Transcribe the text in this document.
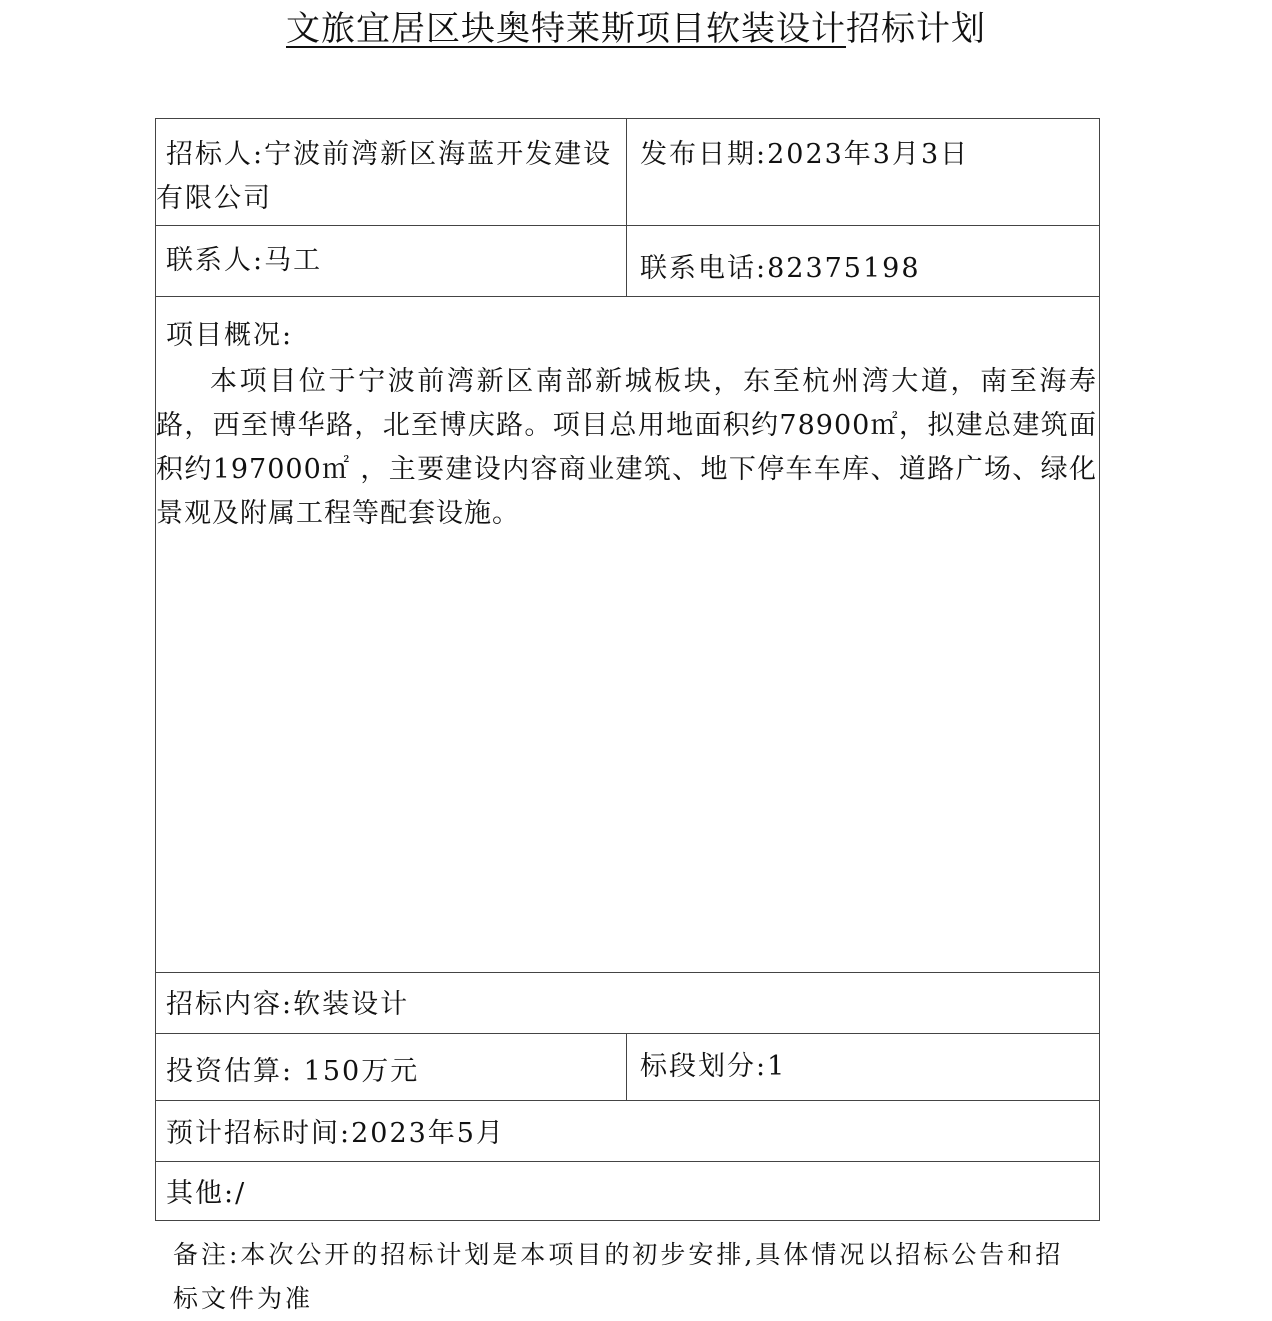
文旅宜居区块奥特莱斯项目软装设计招标计划
招标人:宁波前湾新区海蓝开发建设有限公司
发布日期:2023年3月3日
联系人:马工	联系电话:82375198
项目概况:
本项目位于宁波前湾新区南部新城板块，东至杭州湾大道，南至海寿路，西至博华路，北至博庆路。项目总用地面积约78900㎡，拟建总建筑面积约197000㎡ ，主要建设内容商业建筑、地下停车车库、道路广场、绿化景观及附属工程等配套设施。
招标内容:软装设计
投资估算: 150万元	标段划分:1
预计招标时间:2023年5月
其他:/
备注:本次公开的招标计划是本项目的初步安排,具体情况以招标公告和招标文件为准
